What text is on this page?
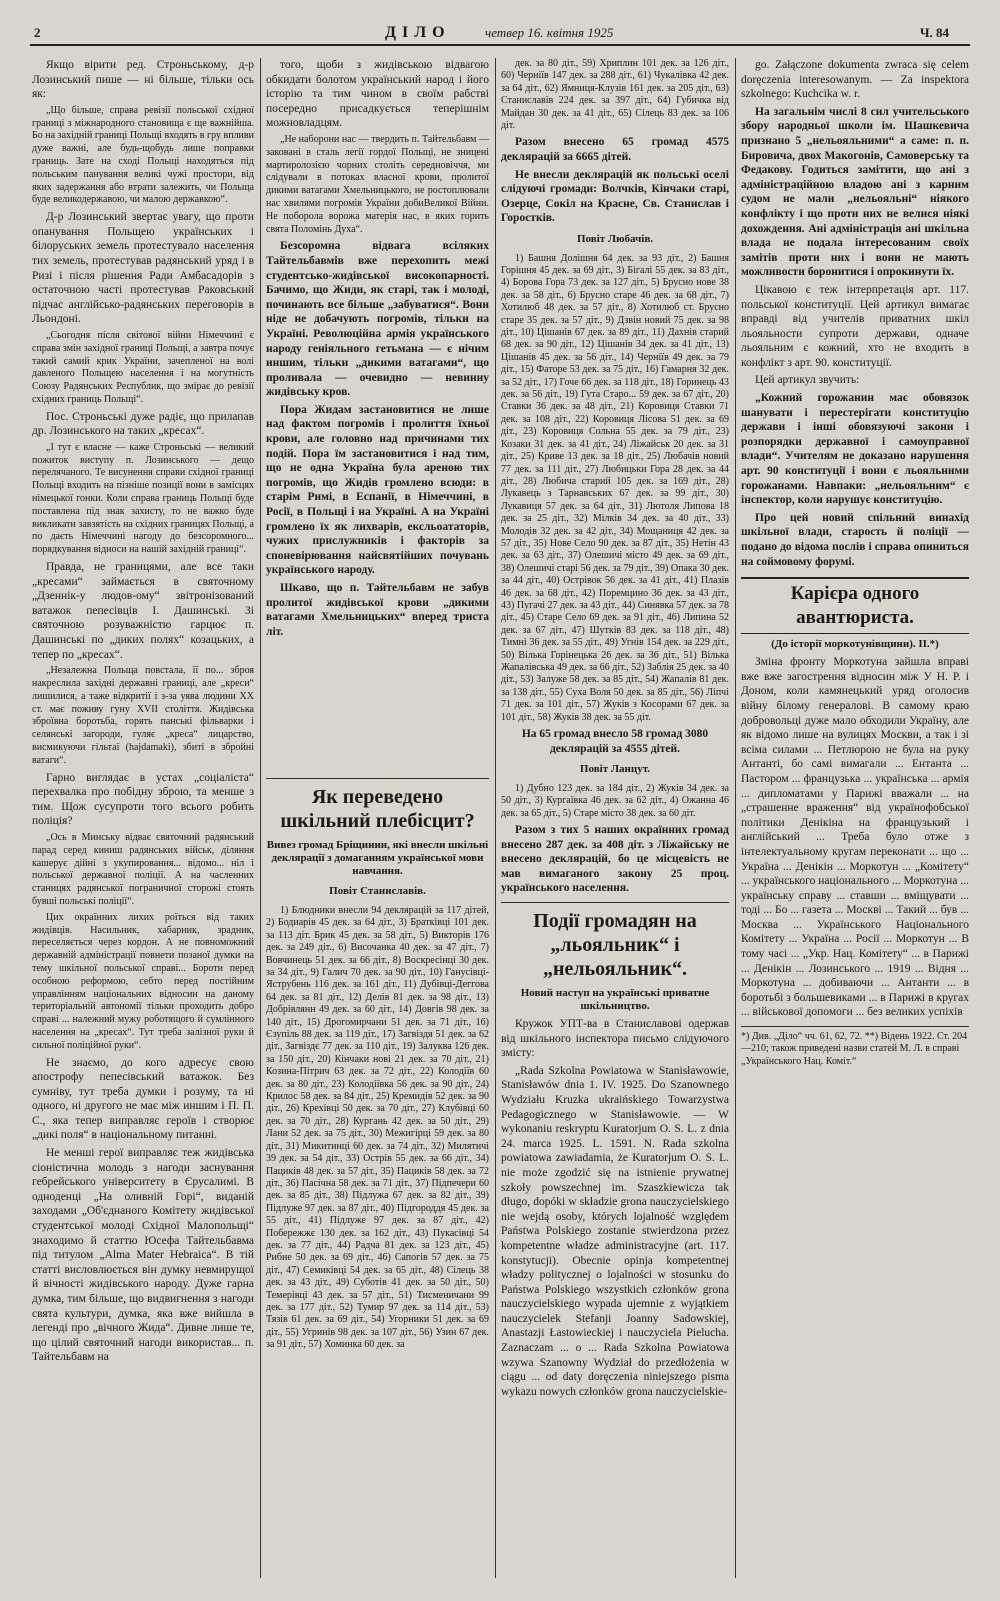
2	ДІЛО	четвер 16. квітня 1925	Ч. 84

Якщо вірити ред. Строньському, д-р Лозинський пише — ні більше, тільки ось як:

„Що більше, справа ревізії польської східної границі з міжнародного становища є ще важнійша. Бо на західній границі Польщі входять в гру впливи дуже важні, але будь-щобудь лише поправки границь. Зате на сході Польщі находяться під польським панування великі чужі простори, від яких задержання або втрати залежить, чи Польща буде великодержавою, чи малою державкою“.

Д-р Лозинський звертає увагу, що проти опанування Польщею українських і білоруських земель протестувало населення тих земель, протестував радянський уряд і в Ризі і після рішення Ради Амбасадорів з остаточною часті протестував Раковський підчас англійсько-радянських переговорів в Льондоні.

„Сьогодня після світової війни Німеччині є справа змін західної границі Польщі, а завтра почує такий самий крик України, зачепленої на волі давленого Польщею населення і на могутність Союзу Радянських Республик, що змірає до ревізії східних границь Польщі“.

Пос. Строньські дуже радіє, що прилапав др. Лозинського на таких „кресах“.

„І тут є власне — каже Строньські — великий пожиток виступу п. Лозинського — дещо перелячаного. Те висунення справи східної границі Польщі входить на пізніше позиції вони в замісцях німецької гонки. Коли справа границь Польщі буде поставлена під знак захисту, то не важко буде викликати завзятість на східних границях Польщі, а по даєть Німеччині нагоду до безсоромного... порядкування відноси на нашій західній границі“.

Правда, не границями, але все таки „кресами“ займається в святочному „Дзеннік-у людов-ому“ звітронізований ватажок пепесівців І. Дашинські. Зі святочною розуважністю гарцює п. Дашинські по „диких полях“ козацьких, а тепер по „кресах“.

„Незалежна Польща повстала, її по... зброя накреслила західні державні границі, але „креси“ лишилися, а таже відкритії і з-за уява людини XX ст. має поживу гуну XVII століття. Жидівська зброївна боротьба, горять панські фільварки і селянські загороди, гуляє „креса“ лицарство, висмикуючи гільтаї (hajdamaki), збиті в збройні ватаги“.

Гарно виглядає в устах „соціаліста“ перехвалка про побідну зброю, та менше з тим. Щож сусупроти того всього робить поліція?

„Ось в Минську відває святочний радянський парад серед киниш радянських військ, діляння кашерує дійні з укупировання... відомо... ніл і польської державної поліції. А на часленних станицях радянської пограничної сторожі стоять бувші польські поліції“.

Цих окраїнних лихих роїться від таких жидівців. Насильник, хабарник, зрадник, переселяється через кордон. А не повноможний державній адміністрації повнети позаної думки на тему шкільної польської справі... Бороти перед особною реформою, себто перед постійним управлінням національних відносин на даному територіальній автономії тільки проходить добро справі ... належний мужу роботящого й сумлінного населення на „кресах“. Тут треба залізної руки й сильної поліційної руки“.

Не знаємо, до кого адресує свою апострофу пепесівський ватажок. Без сумніву, тут треба думки і розуму, та ні одного, ні другого не має між иншим і П. П. С., яка тепер виправляє героїв і створює „дикі поля“ в національному питанні.

Не менші герої виправляє теж жидівська сіоністична молодь з нагоди заснування гебрейського університету в Єрусалимі. В одноденці „На оливній Горі“, виданій заходами „Об'єднаного Комітету жидівської студентської молоді Східної Малопольщі“ знаходимо й статтю Юсефа Тайтельбавма під титулом „Alma Mater Hebraica“. В тій статті висловлюється він думку невмирущої й вічності жидівського народу. Дуже гарна думка, тим більше, що видвигнення з нагоди свята культури, думка, яка вже вийшла в легенді про „вічного Жида“. Дивне лише те, що цілий святочний нагоди використав... п. Тайтельбавм на

того, щоби з жидівською відвагою обкидати болотом український народ і його історію та тим чином в своїм рабстві посередно присадкується теперішнім можновладцям.

„Не наборони нас — твердить п. Тайтельбавм — заковані в сталь легії гордої Польщі, не зницені мартиролозією чорних століть середновіччя, ми слідували в потоках власної крови, пролитої дикими ватагами Хмельницького, не ростоплювали нас хвилями погромів України добиВеликої Війни. Не поборола ворожа матерія нас, в яких горить свята Поломінь Духа“.

Безсоромна відвага всіляких Тайтельбавмів вже перехопить межі студентсько-жидівської високопарності. Бачимо, що Жиди, як старі, так і молоді, починають все більше „забуватися“. Вони ніде не добачують погромів, тільки на Україні. Революційна армія українського народу геніяльного гетьмана — є нічим иншим, тільки „дикими ватагами“, що проливала — очевидно — невинну жидівську кров.

Пора Жидам застановитися не лише над фактом погромів і пролиття їхньої крови, але головно над причинами тих подій. Пора їм застановитися і над тим, що не одна Україна була ареною тих погромів, що Жидів громлено всюди: в старім Римі, в Еспанії, в Німеччині, в Росії, в Польщі і на Україні. А на Україні громлено їх як лихварів, ексльоататорів, чужих прислужників і факторів за споневірювання найсвятійших почувань українського народу.

Шкаво, що п. Тайтельбавм не забув пролитої жидівської крови „дикими ватагами Хмельницьких“ вперед триста літ.

Як переведено шкільний плебісцит?
Вивез громад Бріщинин, які внесли шкільні деклярації з домаганням української мови навчання.
Повіт Станиславів.

1) Блюдники внесли 94 деклярацій за 117 дітей, 2) Бодиарів 45 дек. за 64 діт., 3) Братківці 101 дек. за 113 діт. Брик 45 дек. за 58 діт., 5) Викторів 176 дек. за 249 діт., 6) Височанка 40 дек. за 47 діт., 7) Вовчинець 51 дек. за 66 діт., 8) Воскресінці 30 дек. за 34 діт., 9) Галич 70 дек. за 90 діт., 10) Ганусівці-Яструбень 116 дек. за 161 діт., 11) Дубівці-Деггова 64 дек. за 81 діт., 12) Делів 81 дек. за 98 діт., 13) Добрівлянн 49 дек. за 60 діт., 14) Довгів 98 дек. за 140 діт., 15) Дрогомирчани 51 дек. за 71 діт., 16) Єзупіль 88 дек. за 119 діт., 17) Загвіздя 51 дек. за 62 діт., Загвіздє 77 дек. за 110 діт., 19) Залуква 126 дек. за 150 діт., 20) Кінчаки нові 21 дек. за 70 діт., 21) Козина-Пітрич 63 дек. за 72 діт., 22) Колодіїв 60 дек. за 80 діт., 23) Колодіївка 56 дек. за 90 діт., 24) Крилос 58 дек. за 84 діт., 25) Кремидів 52 дек. за 90 діт., 26) Крехівці 50 дек. за 70 діт., 27) Клубівці 60 дек. за 70 діт., 28) Кургань 42 дек. за 50 діт., 29) Лани 52 дек. за 75 діт., 30) Межигірці 59 дек. за 80 діт., 31) Микитинці 60 дек. за 74 діт., 32) Милятичі 39 дек. за 54 діт., 33) Острів 55 дек. за 66 діт., 34) Пациків 48 дек. за 57 діт., 35) Пациків 58 дек. за 72 діт., 36) Пасічна 58 дек. за 71 діт., 37) Підпечери 60 дек. за 85 діт., 38) Підлужа 67 дек. за 82 діт., 39) Підлуже 97 дек. за 87 діт., 40) Підгороддя 45 дек. за 55 діт., 41) Підлуже 97 дек. за 87 діт., 42) Побережжє 130 дек. за 162 діт., 43) Пукасівці 54 дек. за 77 діт., 44) Радча 81 дек. за 123 діт., 45) Рибне 50 дек. за 69 діт., 46) Сапогів 57 дек. за 75 діт., 47) Семиківці 54 дек. за 65 діт., 48) Сілець 38 дек. за 43 діт., 49) Суботів 41 дек. за 50 діт., 50) Темерівці 43 дек. за 57 діт., 51) Тисменичани 99 дек. за 177 діт., 52) Тумир 97 дек. за 114 діт., 53) Тязів 61 дек. за 69 діт., 54) Угорники 51 дек. за 69 діт., 55) Угринів 98 дек. за 107 діт., 56) Узин 67 дек. за 91 діт., 57) Хоминка 60 дек. за

дек. за 80 діт., 59) Хриплин 101 дек. за 126 діт., 60) Черніїв 147 дек. за 288 діт., 61) Чукалівка 42 дек. за 64 діт., 62) Ямниця-Клузів 161 дек. за 205 діт., 63) Станиславів 224 дек. за 397 діт., 64) Губичка від Майдан 30 дек. за 41 діт., 65) Сілець 83 дек. за 106 діт.

Разом внесено 65 громад 4575 деклярацій за 6665 дітей.

Не внесли деклярацій як польські оселі слідуючі громади: Волчків, Кінчаки старі, Озерце, Сокіл на Красне, Св. Станислав і Горостків.

Повіт Любачів.

1) Башня Долішня 64 дек. за 93 діт., 2) Башня Горішня 45 дек. за 69 діт., 3) Бігалі 55 дек. за 83 діт., 4) Борова Гора 73 дек. за 127 діт., 5) Брусно нове 38 дек. за 58 діт., 6) Брусно старе 46 дек. за 68 діт., 7) Хотилюб 48 дек. за 57 діт., 8) Хотилюб ст. Брусно старе 35 дек. за 57 діт., 9) Дзвін новий 75 дек. за 98 діт., 10) Цішанів 67 дек. за 89 діт., 11) Дахнів старий 68 дек. за 90 діт., 12) Цішанів 34 дек. за 41 діт., 13) Цішанів 45 дек. за 56 діт., 14) Черніїв 49 дек. за 79 діт., 15) Фаторе 53 дек. за 75 діт., 16) Гамарня 32 дек. за 52 діт., 17) Гоче 66 дек. за 118 діт., 18) Горинець 43 дек. за 56 діт., 19) Гута Старо... 59 дек. за 67 діт., 20) Ставки 36 дек. за 48 діт., 21) Коровиця Ставки 71 дек. за 108 діт., 22) Коровиця Лісова 51 дек. за 69 діт., 23) Коровиця Сольна 55 дек. за 79 діт., 23) Козаки 31 дек. за 41 діт., 24) Ліжайськ 20 дек. за 31 діт., 25) Криве 13 дек. за 18 діт., 25) Любачів новий 77 дек. за 111 діт., 27) Любицьки Гора 28 дек. за 44 діт., 28) Любича старий 105 дек. за 169 діт., 28) Лукавець з Тарнавських 67 дек. за 99 діт., 30) Лукавиця 57 дек. за 64 діт., 31) Лютоля Липова 18 дек. за 25 діт., 32) Мілків 34 дек. за 40 діт., 33) Молодів 32 дек. за 42 діт., 34) Мощаниця 42 дек. за 57 діт., 35) Нове Село 90 дек. за 87 діт., 35) Нетін 43 дек. за 63 діт., 37) Олешичі місто 49 дек. за 69 діт., 38) Олешичі старі 56 дек. за 79 діт., 39) Опака 30 дек. за 44 діт., 40) Острівок 56 дек. за 41 діт., 41) Плазів 46 дек. за 68 діт., 42) Поремцино 36 дек. за 43 діт., 43) Пугачі 27 дек. за 43 діт., 44) Синявка 57 дек. за 78 діт., 45) Старе Село 69 дек. за 91 діт., 46) Липина 52 дек. за 67 діт., 47) Шутків 83 дек. за 118 діт., 48) Тимні 36 дек. за 55 діт., 49) Угнів 154 дек. за 229 діт., 50) Вілька Горінецька 26 дек. за 36 діт., 51) Вілька Жапалівська 49 дек. за 66 діт., 52) Заблія 25 дек. за 40 діт., 53) Залуже 58 дек. за 85 діт., 54) Жапалів 81 дек. за 138 діт., 55) Суха Воля 50 дек. за 85 діт., 56) Ліпчі 71 дек. за 101 діт., 57) Жуків з Косорами 67 дек. за 101 діт., 58) Жуків 38 дек. за 55 діт.

На 65 громад внесло 58 громад 3080 деклярацій за 4555 дітей.

Повіт Ланцут.

1) Дубно 123 дек. за 184 діт., 2) Жуків 34 дек. за 50 діт., 3) Кургаївка 46 дек. за 62 діт., 4) Ожанна 46 дек. за 65 діт., 5) Старе місто 38 дек. за 60 діт.

Разом з тих 5 наших окраїнних громад внесено 287 дек. за 408 діт. з Ліжайську не внесено деклярацій, бо це місцевість не мав вимаганого закону 25 проц. українського населення.

Події громадян на „льояльник“ і „нельояльник“.
Новий наступ на українські приватне шкільництво.

Кружок УПТ-ва в Станиславові одержав від шкільного інспектора письмо слідуючого змісту:

„Rada Szkolna Powiatowa w Stanisławowie, Stanisławów dnia 1. IV. 1925. Do Szanownego Wydziału Kruzka ukraińskiego Towarzystwa Pedagogicznego w Stanisławowie. — W wykonaniu reskryptu Kuratorjum O. S. L. z dnia 24. marca 1925. L. 1591. N. Rada szkolna powiatowa zawiadamia, że Kuratorjum O. S. L. nie może zgodzić się na istnienie prywatnej szkoły powszechnej im. Szaszkiewicza tak długo, dopóki w składzie grona nauczycielskiego nie wejdą osoby, których lojalność względem Państwa Polskiego zostanie stwierdzona przez kompetentne władze administracyjne (art. 117. konstytucji). Obecnie opinja kompetentnej władzy politycznej o lojalności w stosunku do Państwa Polskiego wszystkich członków grona nauczycielskiego wypada ujemnie z wyjątkiem nauczycielek Stefanji Joanny Sadowskiej, Anastazji Łastowieckiej i nauczyciela Pielucha. Zaznaczam ... o ... Rada Szkolna Powiatowa wzywa Szanowny Wydział do przedłożenia w ciągu ... od daty doręczenia niniejszego pisma wykazu nowych członków grona nauczycielskie-

go. Załączone dokumenta zwraca się celem doręczenia interesowanym. — Za inspektora szkolnego: Kuchcika w. r.

На загальнім числі 8 сил учительського збору народньої школи ім. Шашкевича признано 5 „нельояльними“ а саме: п. п. Бировича, двох Макогонів, Самоверську та Федакову. Годиться замітити, що ані з адміністраційною владою ані з карним судом не мали „нельояльні“ ніякого конфлікту і що проти них не велися ніякі дохождення. Ані адміністрація ані шкільна влада не подала інтересованим своїх замітів проти них і вони не мають можливости боронитися і опрокинути їх.

Цікавою є теж інтерпретація арт. 117. польської конституції. Цей артикул вимагає вправді від учителів приватних шкіл льояльности супроти держави, одначе льояльним є кожний, хто не входить в конфлікт з арт. 90. конституції.

Цей артикул звучить:

„Кожний горожанин має обовязок шанувати і перестерігати конституцію держави і інші обовязуючі закони і розпорядки державної і самоуправної влади“. Учителям не доказано нарушення арт. 90 конституції і вони є льояльними горожанами. Навпаки: „нельояльним“ є інспектор, коли нарушує конституцію.

Про цей новий спільний винахід шкільної влади, старость й поліції — подано до відома послів і справа опиниться на соймовому форумі.

Карієра одного авантюриста.
(До історії моркотунівщини). II.*)

Зміна фронту Моркотуна зайшла вправі вже вже загострення відносин між У Н. Р. і Доном, коли камянецький уряд оголосив війну білому генералові. В самому краю добровольці дуже мало обходили Україну, але як відомо лише на вулицях Москви, а так і зі всіма силами ... Петлюрою не була на руку Антанті, бо самі вимагали ... Ентанта ... Пастором ... французька ... українська ... армія ... дипломатами у Парижі вважали ... на „страшенне враження“ від українофобської політики Денікіна на французький і англійський ... Треба було отже з інтелектуальному кругам переконати ... що ... Україна ... Денікін ... Моркотун ... „Комітету“ ... українського національного ... Моркотуна ... українську справу ... ставши ... вміщувати ... тоді ... Бо ... газета ... Москві ... Такий ... був ... Москва ... Українського Національного Комітету ... Україна ... Росії ... Моркотун ... В тому часі ... „Укр. Нац. Комітету“ ... в Парижі ... Денікін ... Лозинського ... 1919 ... Відня ... Моркотуна ... добиваючи ... Антанти ... в боротьбі з большевиками ... в Парижі в кругах ... військової допомоги ... без великих успіхів

*) Див. „Діло“ чч. 61, 62, 72. **) Відень 1922. Ст. 204—210; також приведені назви статей М. Л. в справі „Українського Нац. Коміт.“
